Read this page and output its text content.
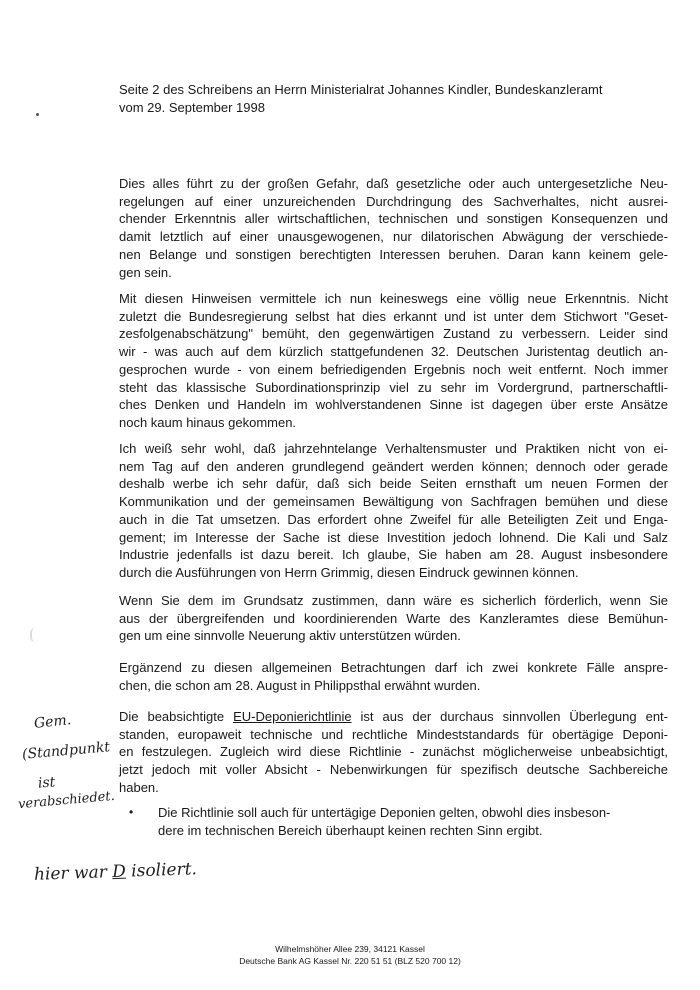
Seite 2 des Schreibens an Herrn Ministerialrat Johannes Kindler, Bundeskanzleramt
vom 29. September 1998
Dies alles führt zu der großen Gefahr, daß gesetzliche oder auch untergesetzliche Neu-
regelungen auf einer unzureichenden Durchdringung des Sachverhaltes, nicht ausrei-
chender Erkenntnis aller wirtschaftlichen, technischen und sonstigen Konsequenzen und
damit letztlich auf einer unausgewogenen, nur dilatorischen Abwägung der verschiede-
nen Belange und sonstigen berechtigten Interessen beruhen. Daran kann keinem gele-
gen sein.
Mit diesen Hinweisen vermittele ich nun keineswegs eine völlig neue Erkenntnis. Nicht
zuletzt die Bundesregierung selbst hat dies erkannt und ist unter dem Stichwort "Geset-
zesfolgenabschätzung" bemüht, den gegenwärtigen Zustand zu verbessern. Leider sind
wir - was auch auf dem kürzlich stattgefundenen 32. Deutschen Juristentag deutlich an-
gesprochen wurde - von einem befriedigenden Ergebnis noch weit entfernt. Noch immer
steht das klassische Subordinationsprinzip viel zu sehr im Vordergrund, partnerschaftli-
ches Denken und Handeln im wohlverstandenen Sinne ist dagegen über erste Ansätze
noch kaum hinaus gekommen.
Ich weiß sehr wohl, daß jahrzehntelange Verhaltensmuster und Praktiken nicht von ei-
nem Tag auf den anderen grundlegend geändert werden können; dennoch oder gerade
deshalb werbe ich sehr dafür, daß sich beide Seiten ernsthaft um neuen Formen der
Kommunikation und der gemeinsamen Bewältigung von Sachfragen bemühen und diese
auch in die Tat umsetzen. Das erfordert ohne Zweifel für alle Beteiligten Zeit und Enga-
gement; im Interesse der Sache ist diese Investition jedoch lohnend. Die Kali und Salz
Industrie jedenfalls ist dazu bereit. Ich glaube, Sie haben am 28. August insbesondere
durch die Ausführungen von Herrn Grimmig, diesen Eindruck gewinnen können.
Wenn Sie dem im Grundsatz zustimmen, dann wäre es sicherlich förderlich, wenn Sie
aus der übergreifenden und koordinierenden Warte des Kanzleramtes diese Bemühun-
gen um eine sinnvolle Neuerung aktiv unterstützen würden.
Ergänzend zu diesen allgemeinen Betrachtungen darf ich zwei konkrete Fälle anspre-
chen, die schon am 28. August in Philippsthal erwähnt wurden.
Die beabsichtigte EU-Deponierichtlinie ist aus der durchaus sinnvollen Überlegung ent-
standen, europaweit technische und rechtliche Mindeststandards für obertägige Deponi-
en festzulegen. Zugleich wird diese Richtlinie - zunächst möglicherweise unbeabsichtigt,
jetzt jedoch mit voller Absicht - Nebenwirkungen für spezifisch deutsche Sachbereiche
haben.
• Die Richtlinie soll auch für untertägige Deponien gelten, obwohl dies insbeson-
dere im technischen Bereich überhaupt keinen rechten Sinn ergibt.
Gem.
(Standpunkt
ist
verabschiedet.
hier war D isoliert.
Wilhelmshöher Allee 239, 34121 Kassel
Deutsche Bank AG Kassel Nr. 220 51 51 (BLZ 520 700 12)
